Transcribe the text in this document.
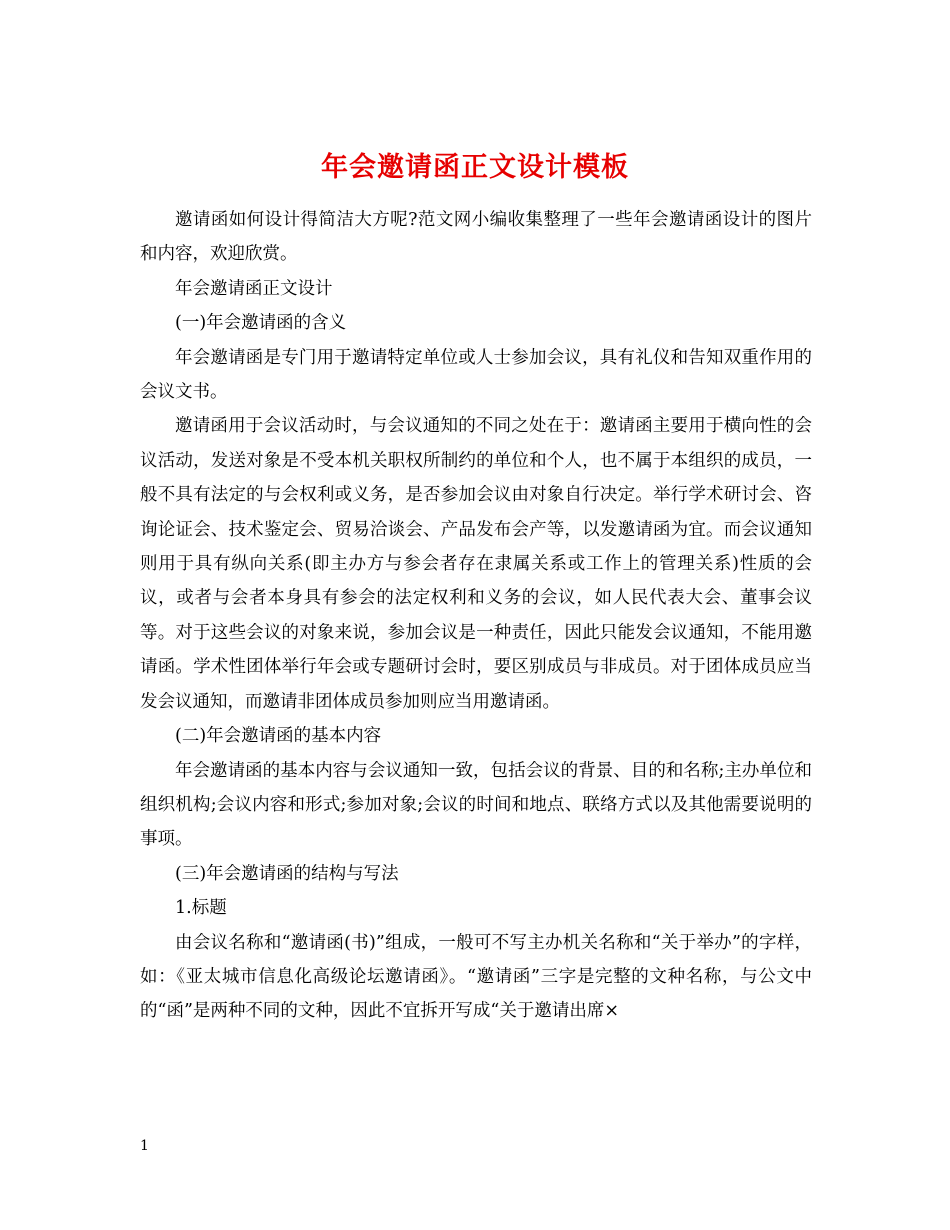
年会邀请函正文设计模板

邀请函如何设计得简洁大方呢?范文网小编收集整理了一些年会邀请函设计的图片和内容，欢迎欣赏。

年会邀请函正文设计

(一)年会邀请函的含义

年会邀请函是专门用于邀请特定单位或人士参加会议，具有礼仪和告知双重作用的会议文书。

邀请函用于会议活动时，与会议通知的不同之处在于：邀请函主要用于横向性的会议活动，发送对象是不受本机关职权所制约的单位和个人，也不属于本组织的成员，一般不具有法定的与会权利或义务，是否参加会议由对象自行决定。举行学术研讨会、咨询论证会、技术鉴定会、贸易洽谈会、产品发布会产等，以发邀请函为宜。而会议通知则用于具有纵向关系(即主办方与参会者存在隶属关系或工作上的管理关系)性质的会议，或者与会者本身具有参会的法定权利和义务的会议，如人民代表大会、董事会议等。对于这些会议的对象来说，参加会议是一种责任，因此只能发会议通知，不能用邀请函。学术性团体举行年会或专题研讨会时，要区别成员与非成员。对于团体成员应当发会议通知，而邀请非团体成员参加则应当用邀请函。

(二)年会邀请函的基本内容

年会邀请函的基本内容与会议通知一致，包括会议的背景、目的和名称;主办单位和组织机构;会议内容和形式;参加对象;会议的时间和地点、联络方式以及其他需要说明的事项。

(三)年会邀请函的结构与写法

1.标题

由会议名称和“邀请函(书)”组成，一般可不写主办机关名称和“关于举办”的字样，如：《亚太城市信息化高级论坛邀请函》。“邀请函”三字是完整的文种名称，与公文中的“函”是两种不同的文种，因此不宜拆开写成“关于邀请出席×

1
